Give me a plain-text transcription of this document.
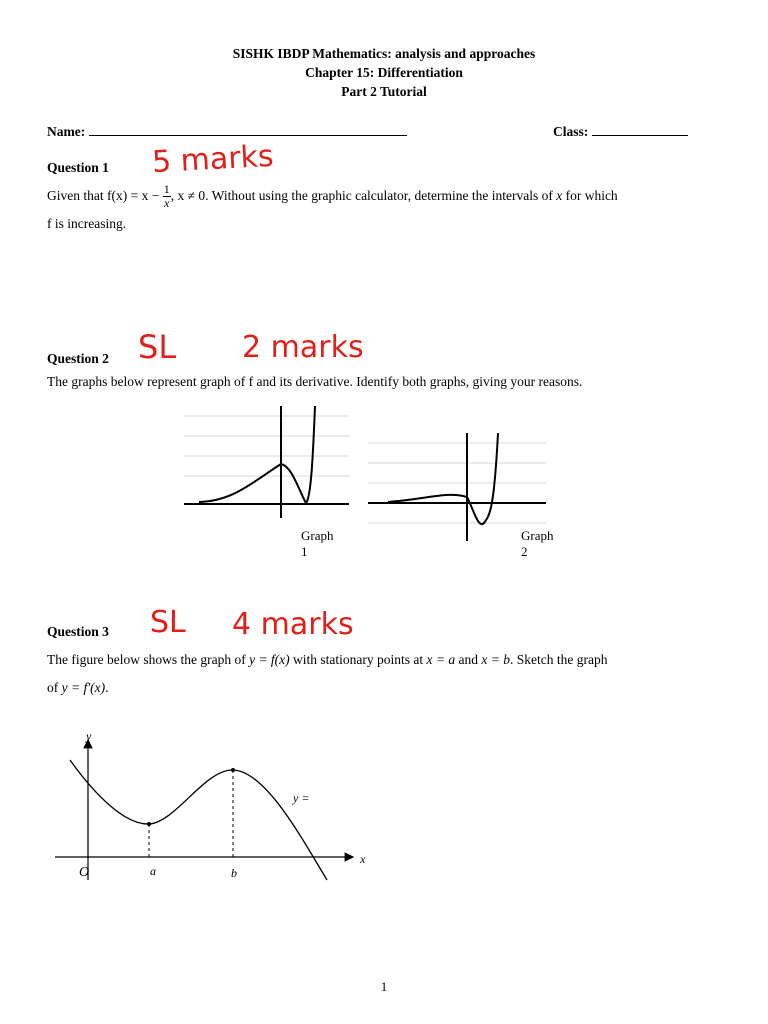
SISHK IBDP Mathematics: analysis and approaches
Chapter 15: Differentiation
Part 2 Tutorial
Name:	Class:
Question 1 5 marks
Given that $f(x) = x - \frac{1}{x}$ , x ≠ 0. Without using the graphic calculator, determine the intervals of x for which
f is increasing.
Question 2 SL 2 marks
The graphs below represent graph of f and its derivative. Identify both graphs, giving your reasons.
Graph 1
Graph 2
Question 3 SL 4 marks
The figure below shows the graph of y = f(x) with stationary points at x = a and x = b. Sketch the graph
of y = f′(x).
y
x
O	a	b
y =
1
